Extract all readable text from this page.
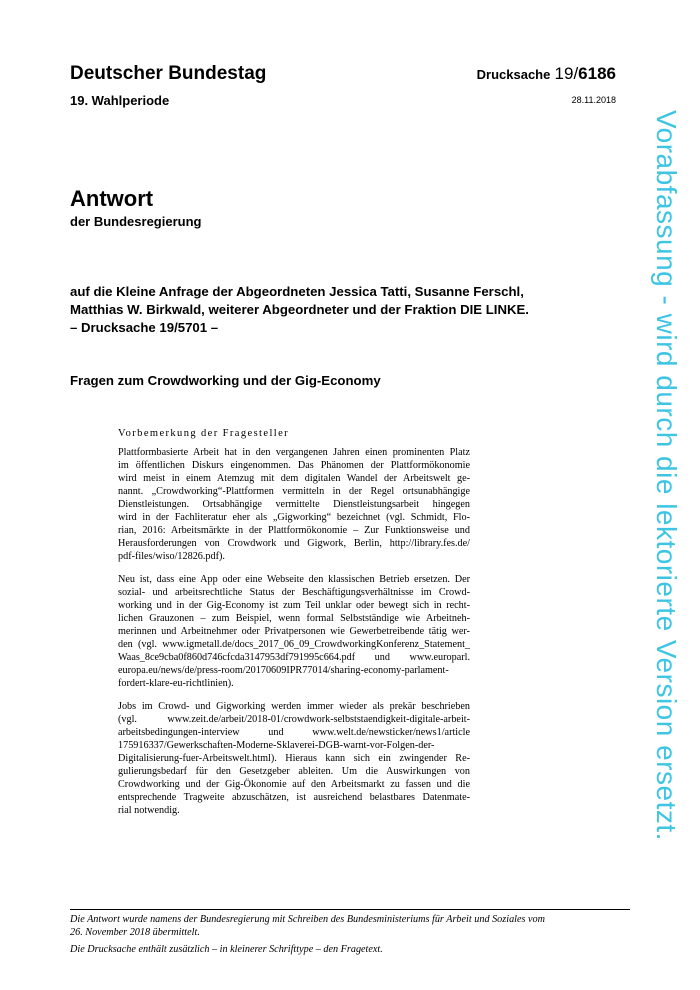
Deutscher Bundestag
19. Wahlperiode
Drucksache 19/6186
28.11.2018
Antwort
der Bundesregierung
auf die Kleine Anfrage der Abgeordneten Jessica Tatti, Susanne Ferschl,
Matthias W. Birkwald, weiterer Abgeordneter und der Fraktion DIE LINKE.
– Drucksache 19/5701 –
Fragen zum Crowdworking und der Gig-Economy
Vorbemerkung der Fragesteller
Plattformbasierte Arbeit hat in den vergangenen Jahren einen prominenten Platz
im öffentlichen Diskurs eingenommen. Das Phänomen der Plattformökonomie
wird meist in einem Atemzug mit dem digitalen Wandel der Arbeitswelt ge-
nannt. „Crowdworking“-Plattformen vermitteln in der Regel ortsunabhängige
Dienstleistungen. Ortsabhängige vermittelte Dienstleistungsarbeit hingegen
wird in der Fachliteratur eher als „Gigworking“ bezeichnet (vgl. Schmidt, Flo-
rian, 2016: Arbeitsmärkte in der Plattformökonomie – Zur Funktionsweise und
Herausforderungen von Crowdwork und Gigwork, Berlin, http://library.fes.de/
pdf-files/wiso/12826.pdf).
Neu ist, dass eine App oder eine Webseite den klassischen Betrieb ersetzen. Der
sozial- und arbeitsrechtliche Status der Beschäftigungsverhältnisse im Crowd-
working und in der Gig-Economy ist zum Teil unklar oder bewegt sich in recht-
lichen Grauzonen – zum Beispiel, wenn formal Selbstständige wie Arbeitneh-
merinnen und Arbeitnehmer oder Privatpersonen wie Gewerbetreibende tätig wer-
den (vgl. www.igmetall.de/docs_2017_06_09_CrowdworkingKonferenz_Statement_
Waas_8ce9cba0f860d746cfcda3147953df791995c664.pdf und www.europarl.
europa.eu/news/de/press-room/20170609IPR77014/sharing-economy-parlament-
fordert-klare-eu-richtlinien).
Jobs im Crowd- und Gigworking werden immer wieder als prekär beschrieben
(vgl. www.zeit.de/arbeit/2018-01/crowdwork-selbststaendigkeit-digitale-arbeit-
arbeitsbedingungen-interview und www.welt.de/newsticker/news1/article
175916337/Gewerkschaften-Moderne-Sklaverei-DGB-warnt-vor-Folgen-der-
Digitalisierung-fuer-Arbeitswelt.html). Hieraus kann sich ein zwingender Re-
gulierungsbedarf für den Gesetzgeber ableiten. Um die Auswirkungen von
Crowdworking und der Gig-Ökonomie auf den Arbeitsmarkt zu fassen und die
entsprechende Tragweite abzuschätzen, ist ausreichend belastbares Datenmate-
rial notwendig.

Die Antwort wurde namens der Bundesregierung mit Schreiben des Bundesministeriums für Arbeit und Soziales vom
26. November 2018 übermittelt.

Die Drucksache enthält zusätzlich – in kleinerer Schrifttype – den Fragetext.

Vorabfassung - wird durch die lektorierte Version ersetzt.
